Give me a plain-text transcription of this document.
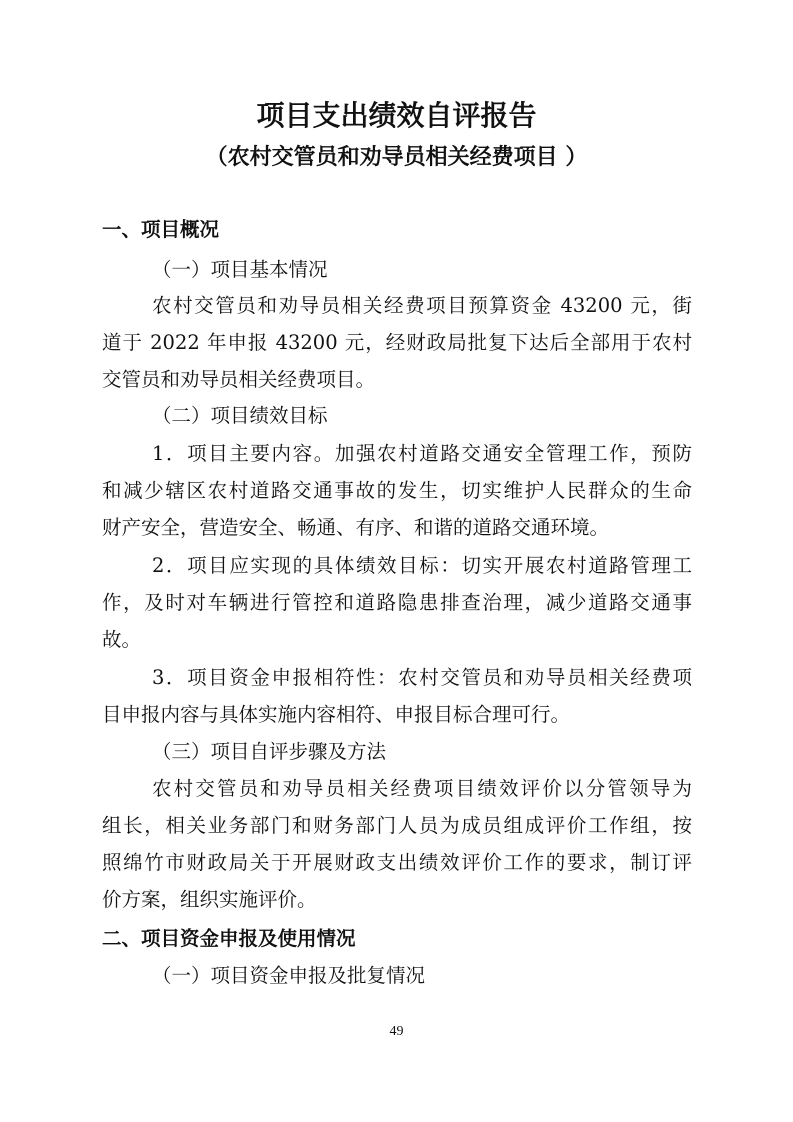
项目支出绩效自评报告
（农村交管员和劝导员相关经费项目 ）

一、项目概况

（一）项目基本情况

农村交管员和劝导员相关经费项目预算资金 43200 元，街

道于 2022 年申报 43200 元，经财政局批复下达后全部用于农村

交管员和劝导员相关经费项目。

（二）项目绩效目标

1．项目主要内容。加强农村道路交通安全管理工作，预防

和减少辖区农村道路交通事故的发生，切实维护人民群众的生命

财产安全，营造安全、畅通、有序、和谐的道路交通环境。

2．项目应实现的具体绩效目标：切实开展农村道路管理工

作，及时对车辆进行管控和道路隐患排查治理，减少道路交通事

故。

3．项目资金申报相符性：农村交管员和劝导员相关经费项

目申报内容与具体实施内容相符、申报目标合理可行。

（三）项目自评步骤及方法

农村交管员和劝导员相关经费项目绩效评价以分管领导为

组长，相关业务部门和财务部门人员为成员组成评价工作组，按

照绵竹市财政局关于开展财政支出绩效评价工作的要求，制订评

价方案，组织实施评价。

二、项目资金申报及使用情况

（一）项目资金申报及批复情况

49
